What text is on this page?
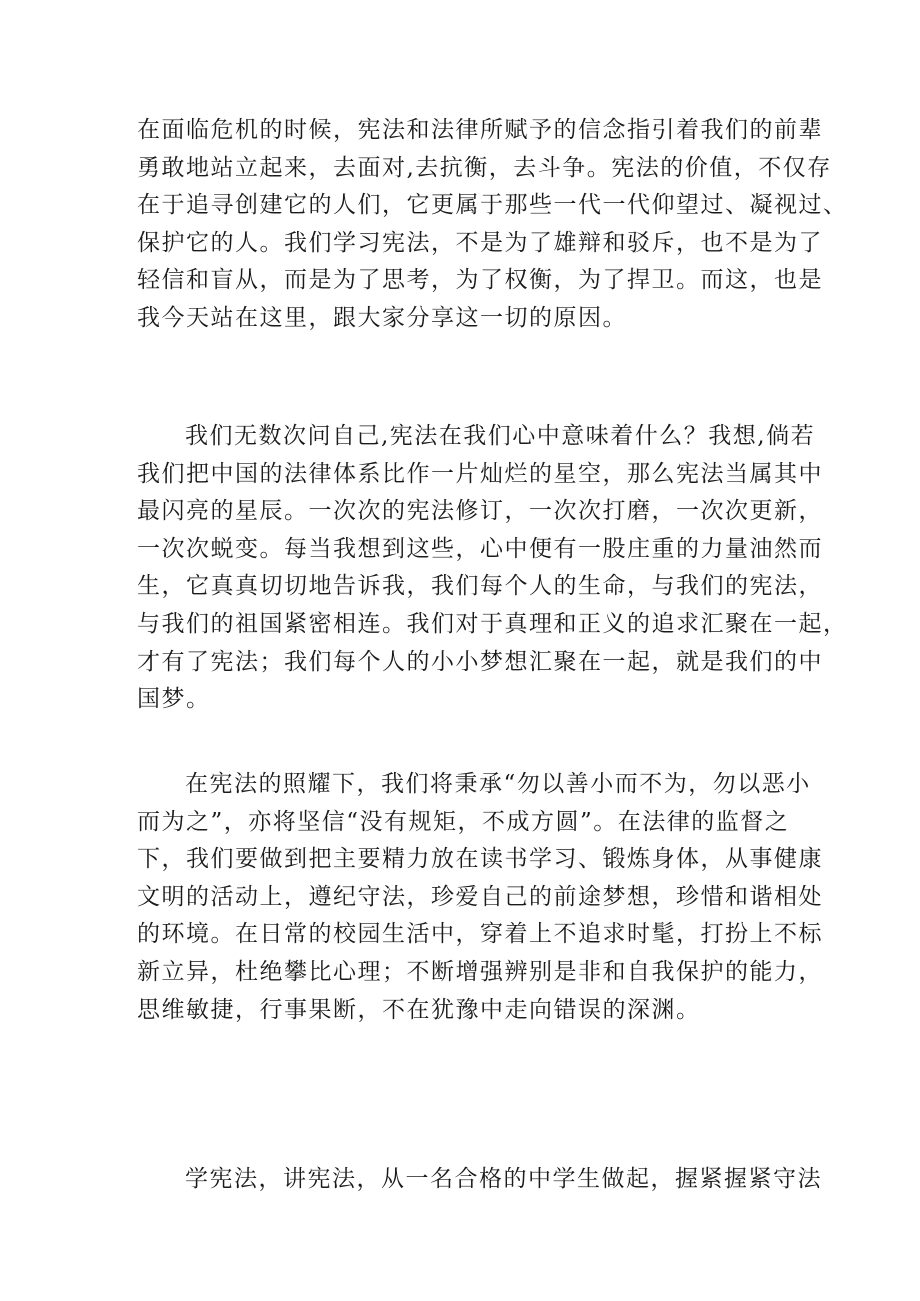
在面临危机的时候，宪法和法律所赋予的信念指引着我们的前辈
勇敢地站立起来，去面对,去抗衡，去斗争。宪法的价值，不仅存
在于追寻创建它的人们，它更属于那些一代一代仰望过、凝视过、
保护它的人。我们学习宪法，不是为了雄辩和驳斥，也不是为了
轻信和盲从，而是为了思考，为了权衡，为了捍卫。而这，也是
我今天站在这里，跟大家分享这一切的原因。
我们无数次问自己,宪法在我们心中意味着什么？我想,倘若
我们把中国的法律体系比作一片灿烂的星空，那么宪法当属其中
最闪亮的星辰。一次次的宪法修订，一次次打磨，一次次更新，
一次次蜕变。每当我想到这些，心中便有一股庄重的力量油然而
生，它真真切切地告诉我，我们每个人的生命，与我们的宪法，
与我们的祖国紧密相连。我们对于真理和正义的追求汇聚在一起，
才有了宪法；我们每个人的小小梦想汇聚在一起，就是我们的中
国梦。
在宪法的照耀下，我们将秉承“勿以善小而不为，勿以恶小
而为之”，亦将坚信“没有规矩，不成方圆”。在法律的监督之
下，我们要做到把主要精力放在读书学习、锻炼身体，从事健康
文明的活动上，遵纪守法，珍爱自己的前途梦想，珍惜和谐相处
的环境。在日常的校园生活中，穿着上不追求时髦，打扮上不标
新立异，杜绝攀比心理；不断增强辨别是非和自我保护的能力，
思维敏捷，行事果断，不在犹豫中走向错误的深渊。
学宪法，讲宪法，从一名合格的中学生做起，握紧握紧守法
